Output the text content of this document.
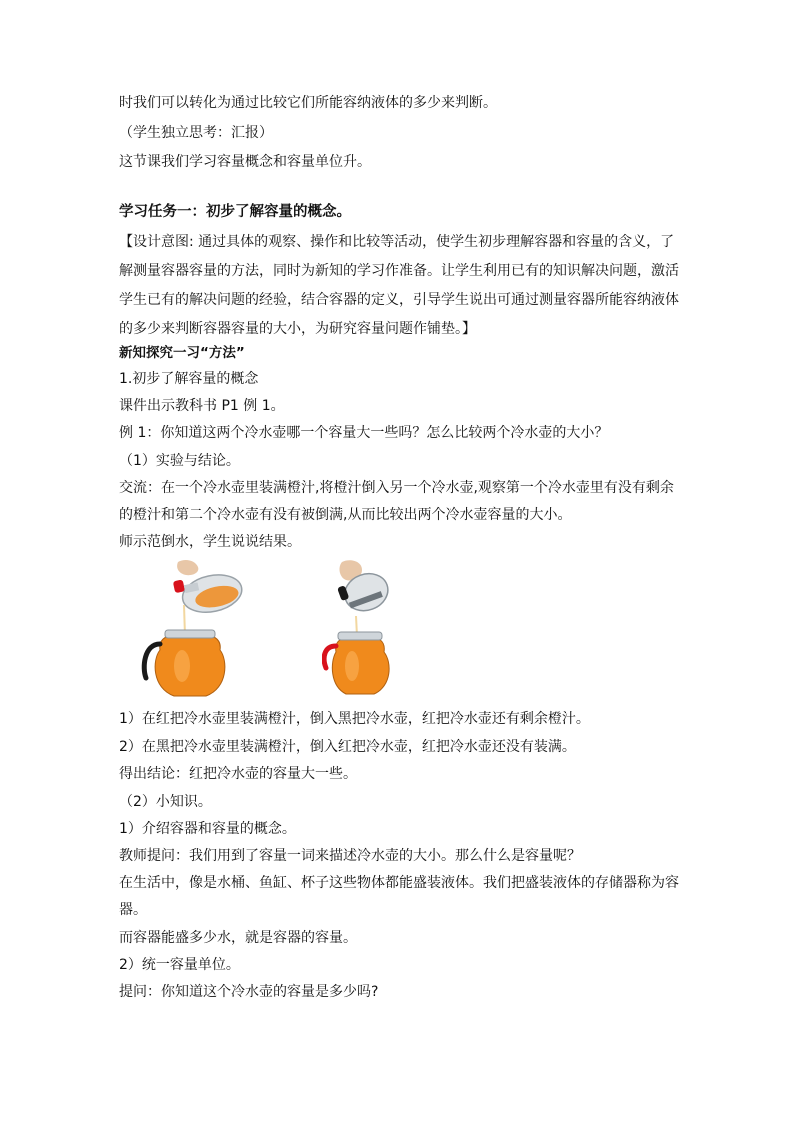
时我们可以转化为通过比较它们所能容纳液体的多少来判断。
（学生独立思考：汇报）
这节课我们学习容量概念和容量单位升。
学习任务一：初步了解容量的概念。
【设计意图: 通过具体的观察、操作和比较等活动，使学生初步理解容器和容量的含义，了
解测量容器容量的方法，同时为新知的学习作准备。让学生利用已有的知识解决问题，激活
学生已有的解决问题的经验，结合容器的定义，引导学生说出可通过测量容器所能容纳液体
的多少来判断容器容量的大小，为研究容量问题作铺垫。】
新知探究一习“方法”
1.初步了解容量的概念
课件出示教科书 P1 例 1。
例 1：你知道这两个冷水壶哪一个容量大一些吗？怎么比较两个冷水壶的大小？
（1）实验与结论。
交流：在一个冷水壶里装满橙汁,将橙汁倒入另一个冷水壶,观察第一个冷水壶里有没有剩余
的橙汁和第二个冷水壶有没有被倒满,从而比较出两个冷水壶容量的大小。
师示范倒水，学生说说结果。
1）在红把冷水壶里装满橙汁，倒入黑把冷水壶，红把冷水壶还有剩余橙汁。
2）在黑把冷水壶里装满橙汁，倒入红把冷水壶，红把冷水壶还没有装满。
得出结论：红把冷水壶的容量大一些。
（2）小知识。
1）介绍容器和容量的概念。
教师提问：我们用到了容量一词来描述冷水壶的大小。那么什么是容量呢？
在生活中，像是水桶、鱼缸、杯子这些物体都能盛装液体。我们把盛装液体的存储器称为容
器。
而容器能盛多少水，就是容器的容量。
2）统一容量单位。
提问：你知道这个冷水壶的容量是多少吗?
